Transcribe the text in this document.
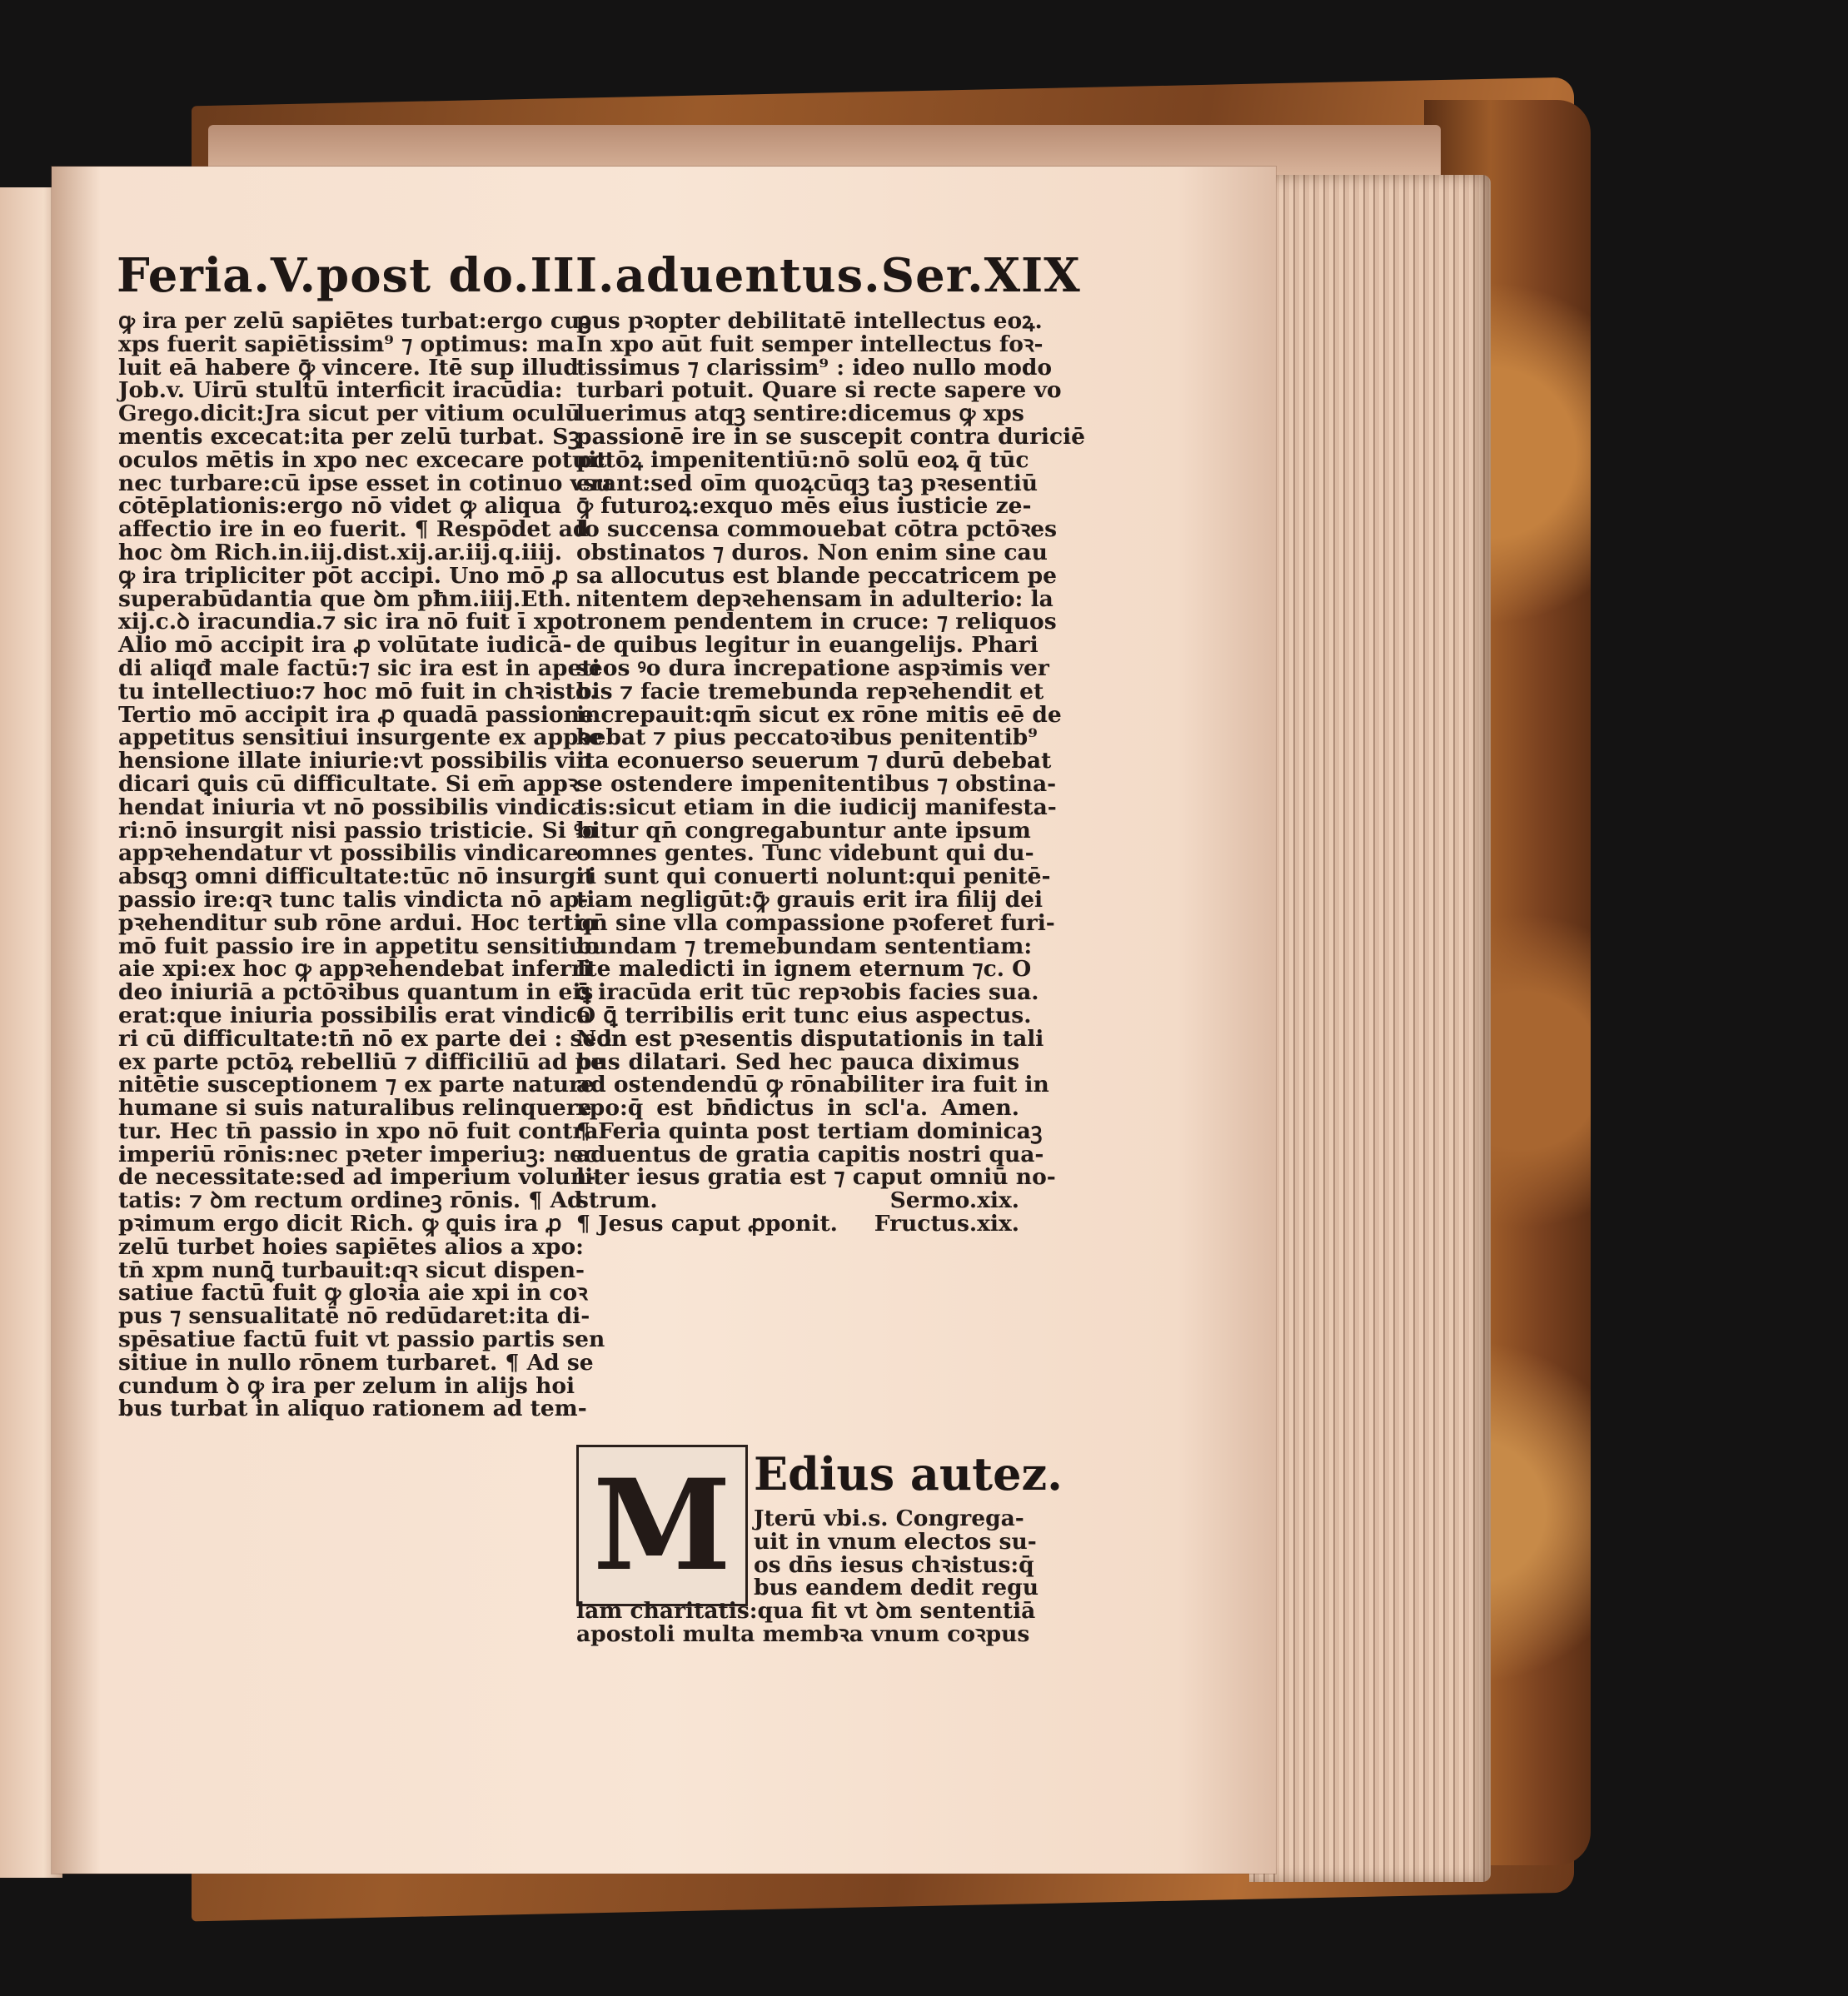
Feria.V.post do.III.aduentus.Ser. XIX
ꝙ ira per zelū sapiētes turbat:ergo cuꝫ
xps fuerit sapiētissim⁹ ⁊ optimus: ma
luit eā habere ꝙ̄ vincere. Itē sup illud
Job.v. Uirū stultū interficit iracūdia:
Grego.dicit:Jra sicut per vitium oculū
mentis excecat:ita per zelū turbat. Sꝫ
oculos mētis in xpo nec excecare potuit
nec turbare:cū ipse esset in cotinuo vsu
cōtēplationis:ergo nō videt ꝙ aliqua
affectio ire in eo fuerit. ¶ Respōdet ad
hoc ꝺm Rich.in.iij.dist.xij.ar.iij.q.iiij.
ꝙ ira tripliciter pōt accipi. Uno mō ꝓ
superabūdantia que ꝺm pħm.iiij.Eth.
xij.c.ꝺ iracundia.⁊ sic ira nō fuit ī xpo.
Alio mō accipit ira ꝓ volūtate iudicā-
di aliqđ male factū:⁊ sic ira est in apeti
tu intellectiuo:⁊ hoc mō fuit in chꝛisto.
Tertio mō accipit ira ꝓ quadā passione
appetitus sensitiui insurgente ex appꝛe
hensione illate iniurie:vt possibilis vin
dicari ꝗuis cū difficultate. Si em̄ appꝛ
hendat iniuria vt nō possibilis vindica
ri:nō insurgit nisi passio tristicie. Si ꝰo
appꝛehendatur vt possibilis vindicare
absqꝫ omni difficultate:tūc nō insurgit
passio ire:qꝛ tunc talis vindicta nō ap-
pꝛehenditur sub rōne ardui. Hoc tertio
mō fuit passio ire in appetitu sensitiuo
aie xpi:ex hoc ꝙ appꝛehendebat inferri
deo iniuriā a pctōꝛibus quantum in eis
erat:que iniuria possibilis erat vindica
ri cū difficultate:tn̄ nō ex parte dei : sed
ex parte pctōꝝ rebelliū ⁊ difficiliū ad pe
nitētie susceptionem ⁊ ex parte nature
humane si suis naturalibus relinquere
tur. Hec tn̄ passio in xpo nō fuit contra
imperiū rōnis:nec pꝛeter imperiuꝫ: nec
de necessitate:sed ad imperium volun-
tatis: ⁊ ꝺm rectum ordineꝫ rōnis. ¶ Ad
pꝛimum ergo dicit Rich. ꝙ ꝗuis ira ꝓ
zelū turbet hoies sapiētes alios a xpo:
tn̄ xpm nunꝗ̄ turbauit:qꝛ sicut dispen-
satiue factū fuit ꝙ gloꝛia aie xpi in coꝛ
pus ⁊ sensualitatē nō redūdaret:ita di-
spēsatiue factū fuit vt passio partis sen
sitiue in nullo rōnem turbaret. ¶ Ad se
cundum ꝺ ꝙ ira per zelum in alijs hoi
bus turbat in aliquo rationem ad tem-
pus pꝛopter debilitatē intellectus eoꝝ.
In xpo aūt fuit semper intellectus foꝛ-
tissimus ⁊ clarissim⁹ : ideo nullo modo
turbari potuit. Quare si recte sapere vo
luerimus atqꝫ sentire:dicemus ꝙ xps
passionē ire in se suscepit contra duriciē
pctōꝝ impenitentiū:nō solū eoꝝ q̄ tūc
erant:sed oīm quoꝝcūqꝫ taꝫ pꝛesentiū
ꝙ̄ futuroꝝ:exquo mēs eius iusticie ze-
lo succensa commouebat cōtra pctōꝛes
obstinatos ⁊ duros. Non enim sine cau
sa allocutus est blande peccatricem pe
nitentem depꝛehensam in adulterio: la
tronem pendentem in cruce: ⁊ reliquos
de quibus legitur in euangelijs. Phari
seos ꝰo dura increpatione aspꝛimis ver
bis ⁊ facie tremebunda repꝛehendit et
increpauit:qm̄ sicut ex rōne mitis eē de
bebat ⁊ pius peccatoꝛibus penitentib⁹
ita econuerso seuerum ⁊ durū debebat
se ostendere impenitentibus ⁊ obstina-
tis:sicut etiam in die iudicij manifesta-
bitur qn̄ congregabuntur ante ipsum
omnes gentes. Tunc videbunt qui du-
ri sunt qui conuerti nolunt:qui penitē-
tiam negligūt:ꝙ̄ grauis erit ira filij dei
qn̄ sine vlla compassione pꝛoferet furi-
bundam ⁊ tremebundam sententiam:
Ite maledicti in ignem eternum ⁊c. O
ꝗ̄ iracūda erit tūc repꝛobis facies sua.
O ꝗ̄ terribilis erit tunc eius aspectus.
Non est pꝛesentis disputationis in tali
bus dilatari. Sed hec pauca diximus
ad ostendendū ꝙ rōnabiliter ira fuit in
xpo:q̄ est bn̄dictus in scl'a. Amen.
¶ Feria quinta post tertiam dominicaꝫ
aduentus de gratia capitis nostri qua-
liter iesus gratia est ⁊ caput omniū no-
strum.	Sermo.xix.
¶ Jesus caput ꝓponit. Fructus.xix.
M Edius autez.
Jterū vbi.s. Congrega-
uit in vnum electos su-
os dn̄s iesus chꝛistus:q̄
bus eandem dedit regu
lam charitatis:qua fit vt ꝺm sententiā
apostoli multa membꝛa vnum coꝛpus
